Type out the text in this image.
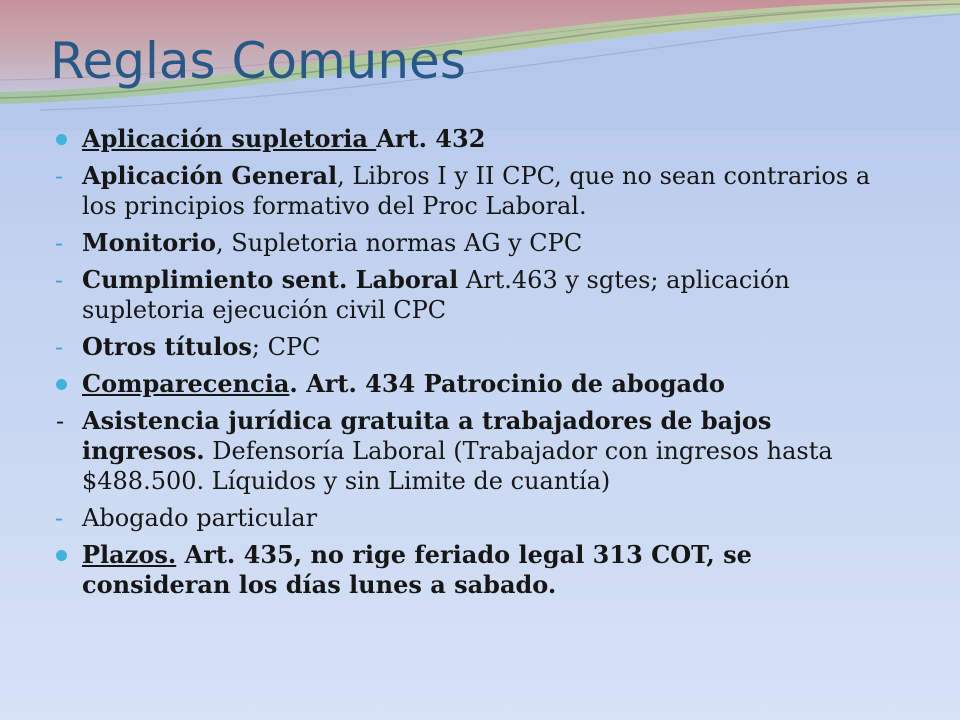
Reglas Comunes
Aplicación supletoria Art. 432
- Aplicación General, Libros I y II CPC, que no sean contrarios a los principios formativo del Proc Laboral.
- Monitorio, Supletoria normas AG y CPC
- Cumplimiento sent. Laboral Art.463 y sgtes; aplicación supletoria ejecución civil CPC
- Otros títulos; CPC
Comparecencia. Art. 434 Patrocinio de abogado
- Asistencia jurídica gratuita a trabajadores de bajos ingresos. Defensoría Laboral (Trabajador con ingresos hasta $488.500. Líquidos y sin Limite de cuantía)
- Abogado particular
Plazos. Art. 435, no rige feriado legal 313 COT, se consideran los días lunes a sabado.
